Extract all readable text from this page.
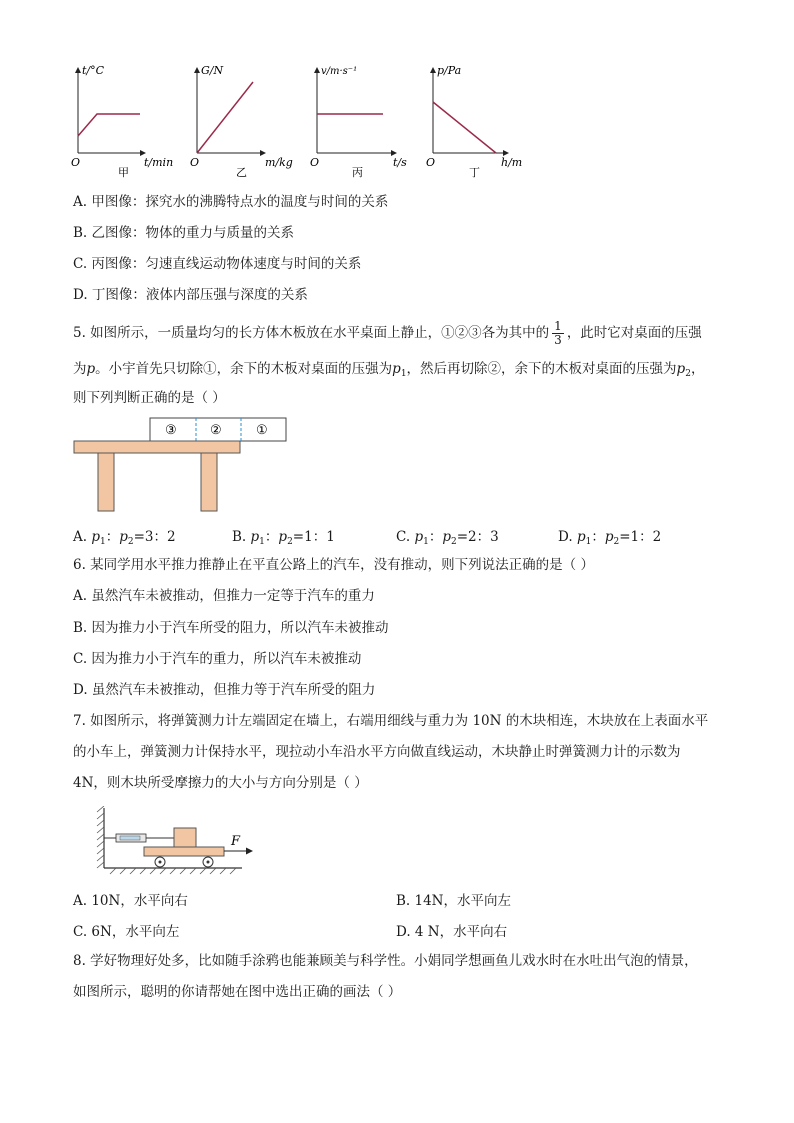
t/°C
O	t/min
甲
G/N
O	m/kg
乙
v/m·s⁻¹
O	t/s
丙
p/Pa
O	h/m
丁
A. 甲图像：探究水的沸腾特点水的温度与时间的关系
B. 乙图像：物体的重力与质量的关系
C. 丙图像：匀速直线运动物体速度与时间的关系
D. 丁图像：液体内部压强与深度的关系
5. 如图所示，一质量均匀的长方体木板放在水平桌面上静止，①②③各为其中的 $\frac{1}{3}$ ，此时它对桌面的压强
为p。小宇首先只切除①，余下的木板对桌面的压强为$p_1$，然后再切除②，余下的木板对桌面的压强为$p_2$，
则下列判断正确的是（ ）
③	②	①
A. $p_1$：$p_2=3$：2	B. $p_1$：$p_2=1$：1	C. $p_1$：$p_2=2$：3	D. $p_1$：$p_2=1$：2
6. 某同学用水平推力推静止在平直公路上的汽车，没有推动，则下列说法正确的是（ ）
A. 虽然汽车未被推动，但推力一定等于汽车的重力
B. 因为推力小于汽车所受的阻力，所以汽车未被推动
C. 因为推力小于汽车的重力，所以汽车未被推动
D. 虽然汽车未被推动，但推力等于汽车所受的阻力
7. 如图所示，将弹簧测力计左端固定在墙上，右端用细线与重力为 10N 的木块相连，木块放在上表面水平
的小车上，弹簧测力计保持水平，现拉动小车沿水平方向做直线运动，木块静止时弹簧测力计的示数为
4N，则木块所受摩擦力的大小与方向分别是（ ）
F
A. 10N，水平向右	B. 14N，水平向左
C. 6N，水平向左	D. 4 N，水平向右
8. 学好物理好处多，比如随手涂鸦也能兼顾美与科学性。小娟同学想画鱼儿戏水时在水吐出气泡的情景，
如图所示，聪明的你请帮她在图中选出正确的画法（ ）
